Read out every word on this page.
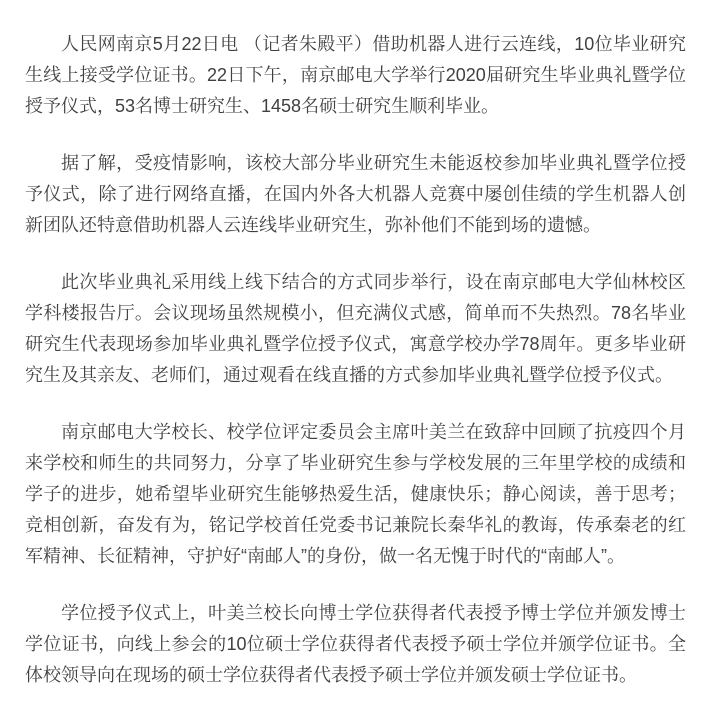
人民网南京5月22日电 （记者朱殿平）借助机器人进行云连线，10位毕业研究生线上接受学位证书。22日下午，南京邮电大学举行2020届研究生毕业典礼暨学位授予仪式，53名博士研究生、1458名硕士研究生顺利毕业。

据了解，受疫情影响，该校大部分毕业研究生未能返校参加毕业典礼暨学位授予仪式，除了进行网络直播，在国内外各大机器人竞赛中屡创佳绩的学生机器人创新团队还特意借助机器人云连线毕业研究生，弥补他们不能到场的遗憾。

此次毕业典礼采用线上线下结合的方式同步举行，设在南京邮电大学仙林校区学科楼报告厅。会议现场虽然规模小，但充满仪式感，简单而不失热烈。78名毕业研究生代表现场参加毕业典礼暨学位授予仪式，寓意学校办学78周年。更多毕业研究生及其亲友、老师们，通过观看在线直播的方式参加毕业典礼暨学位授予仪式。

南京邮电大学校长、校学位评定委员会主席叶美兰在致辞中回顾了抗疫四个月来学校和师生的共同努力，分享了毕业研究生参与学校发展的三年里学校的成绩和学子的进步，她希望毕业研究生能够热爱生活，健康快乐；静心阅读，善于思考；竞相创新，奋发有为，铭记学校首任党委书记兼院长秦华礼的教诲，传承秦老的红军精神、长征精神，守护好“南邮人”的身份，做一名无愧于时代的“南邮人”。

学位授予仪式上，叶美兰校长向博士学位获得者代表授予博士学位并颁发博士学位证书，向线上参会的10位硕士学位获得者代表授予硕士学位并颁学位证书。全体校领导向在现场的硕士学位获得者代表授予硕士学位并颁发硕士学位证书。
